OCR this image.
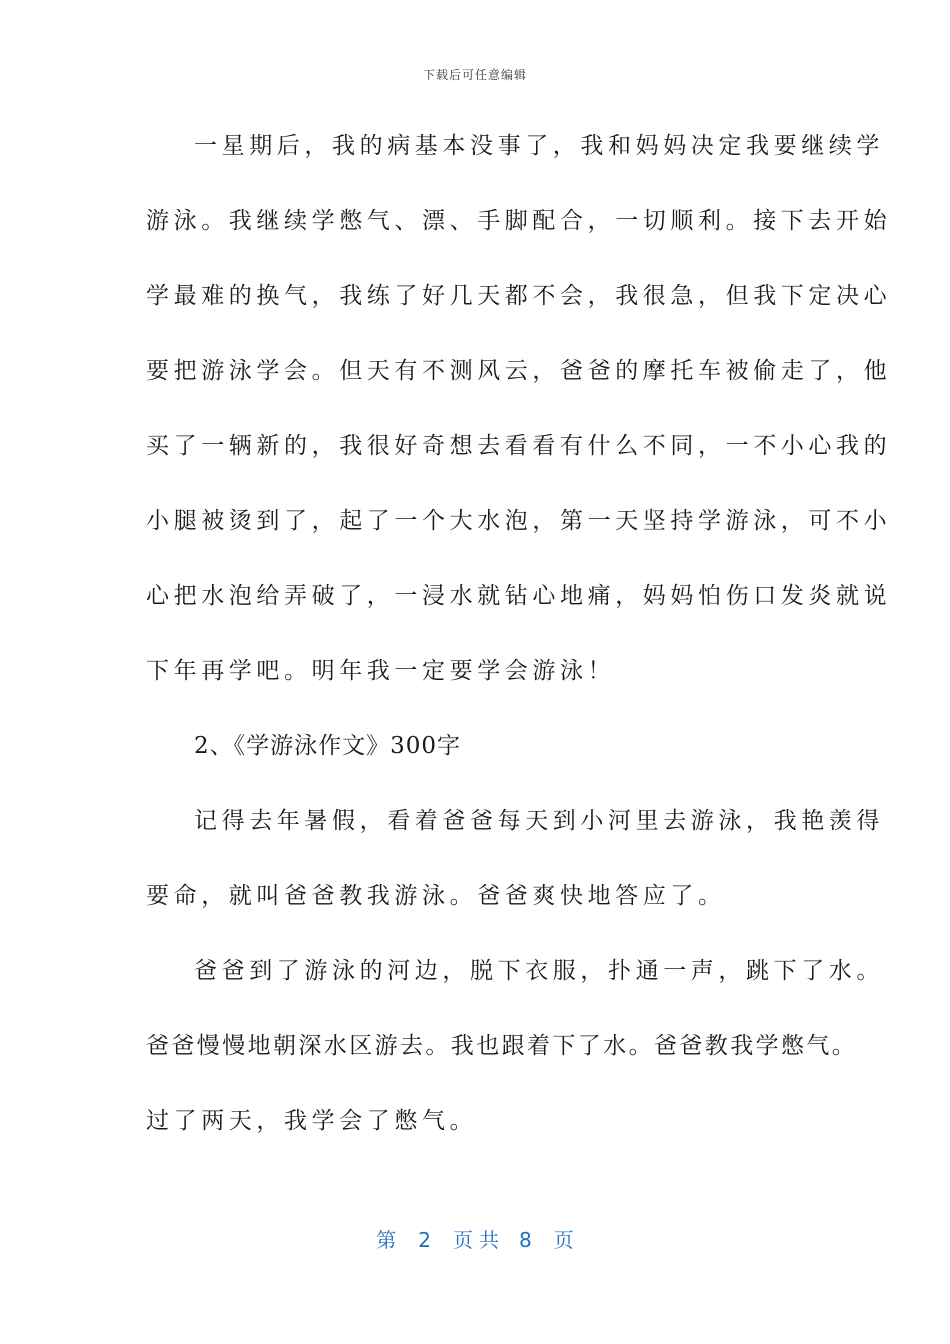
下载后可任意编辑
一星期后，我的病基本没事了，我和妈妈决定我要继续学
游泳。我继续学憋气、漂、手脚配合，一切顺利。接下去开始
学最难的换气，我练了好几天都不会，我很急，但我下定决心
要把游泳学会。但天有不测风云，爸爸的摩托车被偷走了，他
买了一辆新的，我很好奇想去看看有什么不同，一不小心我的
小腿被烫到了，起了一个大水泡，第一天坚持学游泳，可不小
心把水泡给弄破了，一浸水就钻心地痛，妈妈怕伤口发炎就说
下年再学吧。明年我一定要学会游泳！
2、《学游泳作文》300字
记得去年暑假，看着爸爸每天到小河里去游泳，我艳羡得
要命，就叫爸爸教我游泳。爸爸爽快地答应了。
爸爸到了游泳的河边，脱下衣服，扑通一声，跳下了水。
爸爸慢慢地朝深水区游去。我也跟着下了水。爸爸教我学憋气。
过了两天，我学会了憋气。
第 2 页共 8 页
